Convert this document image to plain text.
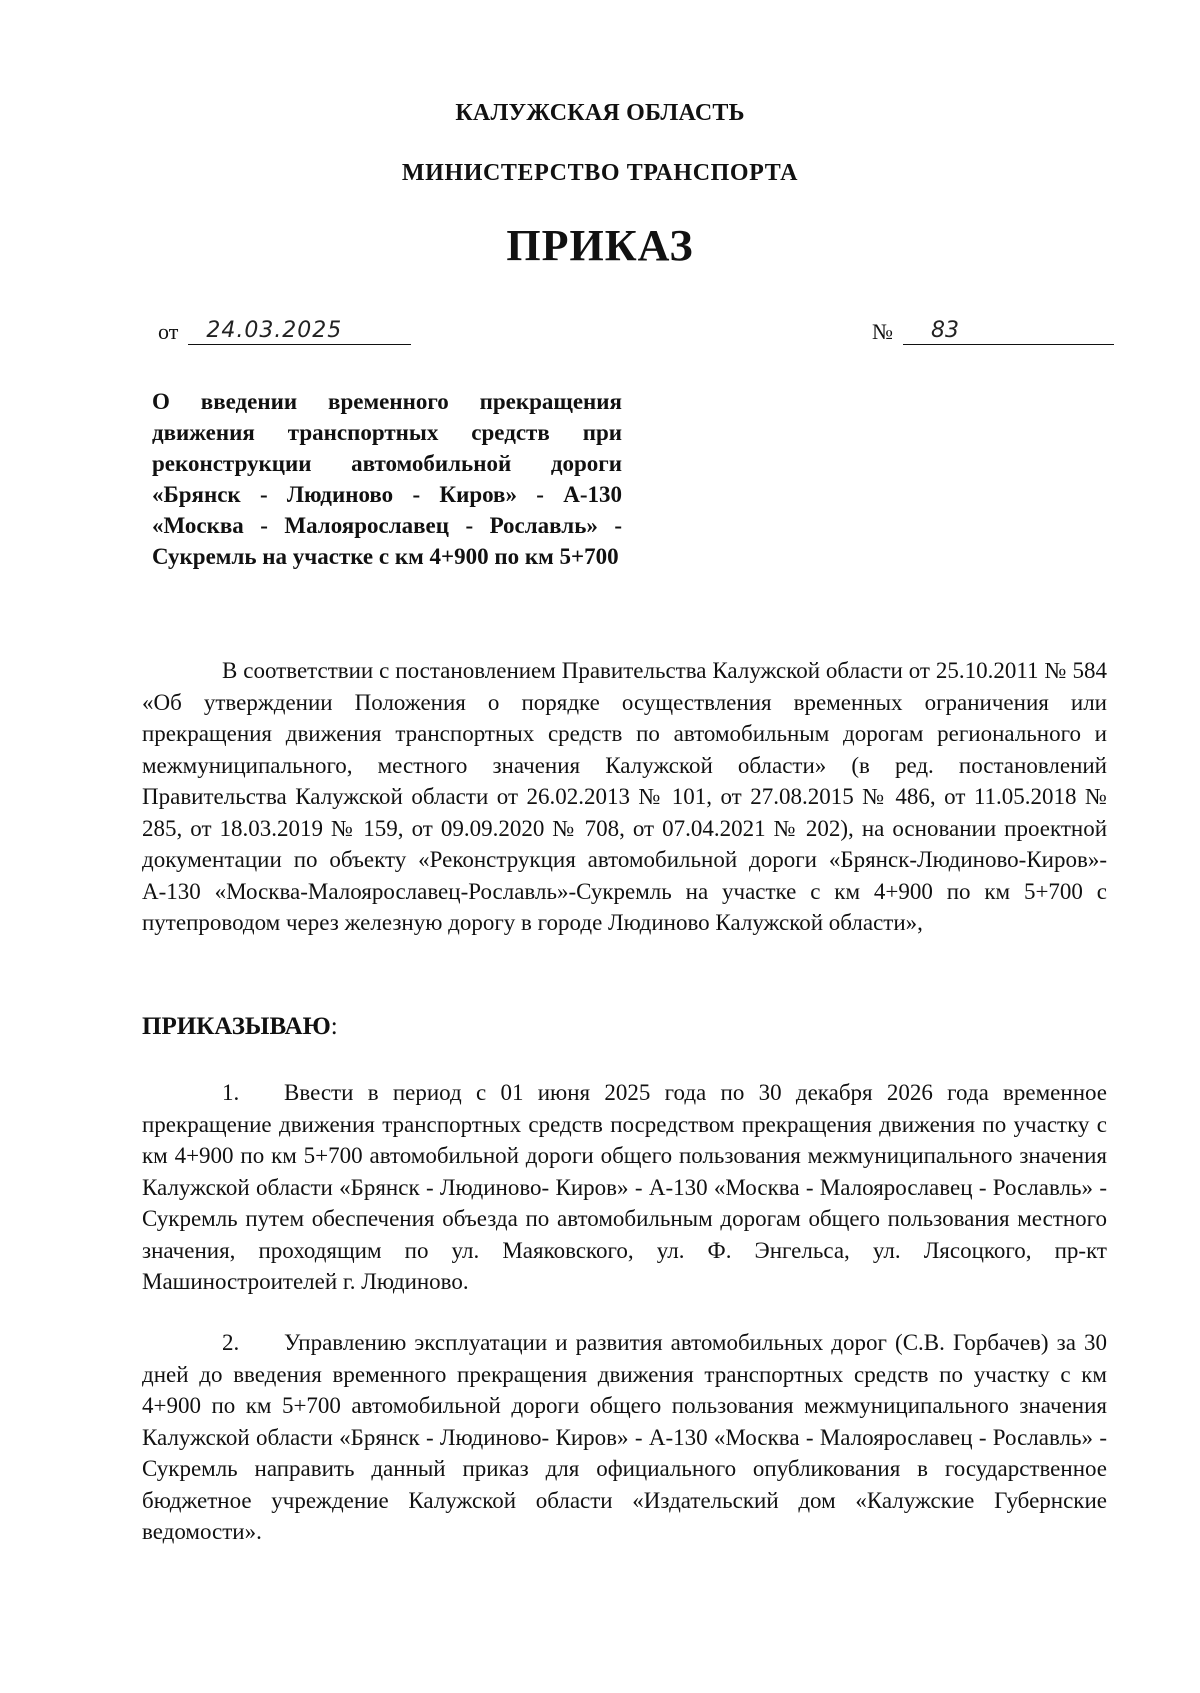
КАЛУЖСКАЯ ОБЛАСТЬ
МИНИСТЕРСТВО ТРАНСПОРТА
ПРИКАЗ
от	24.03.2025	№	83
О введении временного прекращения движения транспортных средств при реконструкции автомобильной дороги «Брянск - Людиново - Киров» - А-130 «Москва - Малоярославец - Рославль» - Сукремль на участке с км 4+900 по км 5+700
В соответствии с постановлением Правительства Калужской области от 25.10.2011 № 584 «Об утверждении Положения о порядке осуществления временных ограничения или прекращения движения транспортных средств по автомобильным дорогам регионального и межмуниципального, местного значения Калужской области» (в ред. постановлений Правительства Калужской области от 26.02.2013 № 101, от 27.08.2015 № 486, от 11.05.2018 № 285, от 18.03.2019 № 159, от 09.09.2020 № 708, от 07.04.2021 № 202), на основании проектной документации по объекту «Реконструкция автомобильной дороги «Брянск-Людиново-Киров»-А-130 «Москва-Малоярославец-Рославль»-Сукремль на участке с км 4+900 по км 5+700 с путепроводом через железную дорогу в городе Людиново Калужской области»,
ПРИКАЗЫВАЮ:
1. Ввести в период с 01 июня 2025 года по 30 декабря 2026 года временное прекращение движения транспортных средств посредством прекращения движения по участку с км 4+900 по км 5+700 автомобильной дороги общего пользования межмуниципального значения Калужской области «Брянск - Людиново- Киров» - А-130 «Москва - Малоярославец - Рославль» - Сукремль путем обеспечения объезда по автомобильным дорогам общего пользования местного значения, проходящим по ул. Маяковского, ул. Ф. Энгельса, ул. Лясоцкого, пр-кт Машиностроителей г. Людиново.
2. Управлению эксплуатации и развития автомобильных дорог (С.В. Горбачев) за 30 дней до введения временного прекращения движения транспортных средств по участку с км 4+900 по км 5+700 автомобильной дороги общего пользования межмуниципального значения Калужской области «Брянск - Людиново- Киров» - А-130 «Москва - Малоярославец - Рославль» - Сукремль направить данный приказ для официального опубликования в государственное бюджетное учреждение Калужской области «Издательский дом «Калужские Губернские ведомости».
